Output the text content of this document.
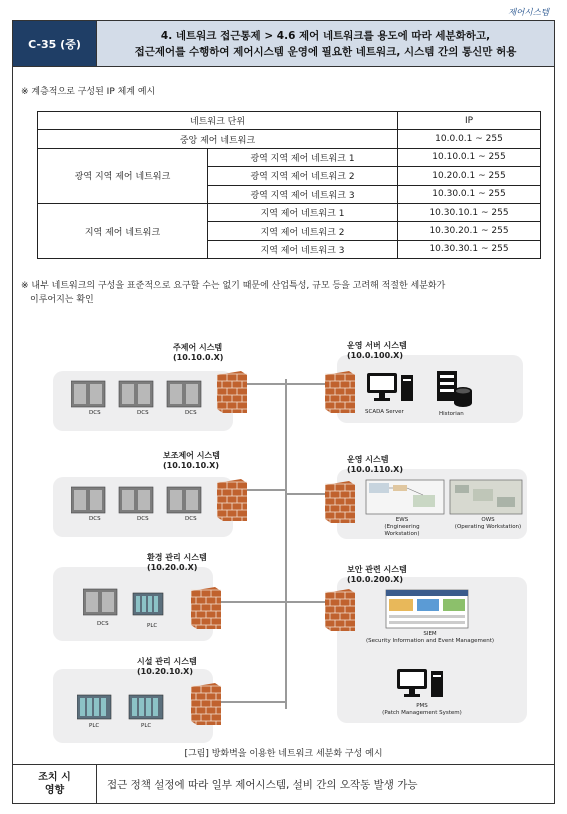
제어시스템
C-35 (중)
4. 네트워크 접근통제 > 4.6 제어 네트워크를 용도에 따라 세분화하고,
접근제어를 수행하여 제어시스템 운영에 필요한 네트워크, 시스템 간의 통신만 허용
※ 계층적으로 구성된 IP 체계 예시
네트워크 단위		IP
중앙 제어 네트워크		10.0.0.1 ~ 255
광역 지역 제어 네트워크	광역 지역 제어 네트워크 1	10.10.0.1 ~ 255
	광역 지역 제어 네트워크 2	10.20.0.1 ~ 255
	광역 지역 제어 네트워크 3	10.30.0.1 ~ 255
지역 제어 네트워크	지역 제어 네트워크 1	10.30.10.1 ~ 255
	지역 제어 네트워크 2	10.30.20.1 ~ 255
	지역 제어 네트워크 3	10.30.30.1 ~ 255
※ 내부 네트워크의 구성을 표준적으로 요구할 수는 없기 때문에 산업특성, 규모 등을 고려해 적절한 세분화가
이루어지는 확인
주제어 시스템
(10.10.0.X)
DCS	DCS	DCS
보조제어 시스템
(10.10.10.X)
DCS	DCS	DCS
환경 관리 시스템
(10.20.0.X)
DCS	PLC
시설 관리 시스템
(10.20.10.X)
PLC	PLC
운영 서버 시스템
(10.0.100.X)
SCADA Server	Historian
운영 시스템
(10.0.110.X)
EWS
(Engineering Workstation)
OWS
(Operating Workstation)
보안 관련 시스템
(10.0.200.X)
SIEM
(Security Information and Event Management)
PMS
(Patch Management System)
[그림] 방화벽을 이용한 네트워크 세분화 구성 예시
조치 시
영향	접근 정책 설정에 따라 일부 제어시스템, 설비 간의 오작동 발생 가능
